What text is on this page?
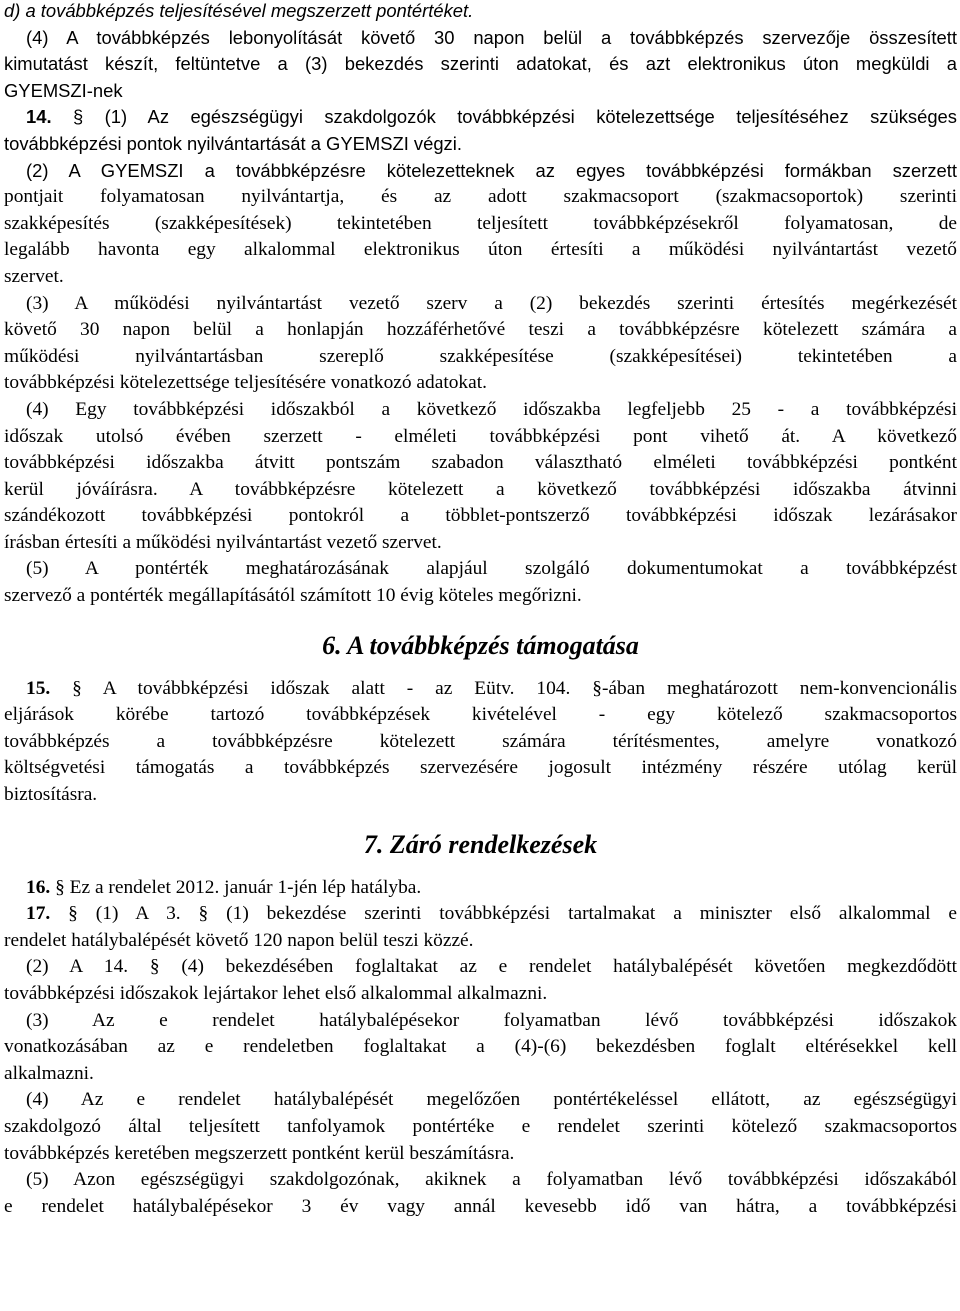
d) a továbbképzés teljesítésével megszerzett pontértéket.
(4) A továbbképzés lebonyolítását követő 30 napon belül a továbbképzés szervezője összesített
kimutatást készít, feltüntetve a (3) bekezdés szerinti adatokat, és azt elektronikus úton megküldi a
GYEMSZI-nek
14. § (1) Az egészségügyi szakdolgozók továbbképzési kötelezettsége teljesítéséhez szükséges
továbbképzési pontok nyilvántartását a GYEMSZI végzi.
(2) A GYEMSZI a továbbképzésre kötelezetteknek az egyes továbbképzési formákban szerzett
pontjait folyamatosan nyilvántartja, és az adott szakmacsoport (szakmacsoportok) szerinti
szakképesítés (szakképesítések) tekintetében teljesített továbbképzésekről folyamatosan, de
legalább havonta egy alkalommal elektronikus úton értesíti a működési nyilvántartást vezető
szervet.
(3) A működési nyilvántartást vezető szerv a (2) bekezdés szerinti értesítés megérkezését
követő 30 napon belül a honlapján hozzáférhetővé teszi a továbbképzésre kötelezett számára a
működési nyilvántartásban szereplő szakképesítése (szakképesítései) tekintetében a
továbbképzési kötelezettsége teljesítésére vonatkozó adatokat.
(4) Egy továbbképzési időszakból a következő időszakba legfeljebb 25 - a továbbképzési
időszak utolsó évében szerzett - elméleti továbbképzési pont vihető át. A következő
továbbképzési időszakba átvitt pontszám szabadon választható elméleti továbbképzési pontként
kerül jóváírásra. A továbbképzésre kötelezett a következő továbbképzési időszakba átvinni
szándékozott továbbképzési pontokról a többlet-pontszerző továbbképzési időszak lezárásakor
írásban értesíti a működési nyilvántartást vezető szervet.
(5) A pontérték meghatározásának alapjául szolgáló dokumentumokat a továbbképzést
szervező a pontérték megállapításától számított 10 évig köteles megőrizni.
6. A továbbképzés támogatása
15. § A továbbképzési időszak alatt - az Eütv. 104. §-ában meghatározott nem-konvencionális
eljárások körébe tartozó továbbképzések kivételével - egy kötelező szakmacsoportos
továbbképzés a továbbképzésre kötelezett számára térítésmentes, amelyre vonatkozó
költségvetési támogatás a továbbképzés szervezésére jogosult intézmény részére utólag kerül
biztosításra.
7. Záró rendelkezések
16. § Ez a rendelet 2012. január 1-jén lép hatályba.
17. § (1) A 3. § (1) bekezdése szerinti továbbképzési tartalmakat a miniszter első alkalommal e
rendelet hatálybalépését követő 120 napon belül teszi közzé.
(2) A 14. § (4) bekezdésében foglaltakat az e rendelet hatálybalépését követően megkezdődött
továbbképzési időszakok lejártakor lehet első alkalommal alkalmazni.
(3) Az e rendelet hatálybalépésekor folyamatban lévő továbbképzési időszakok
vonatkozásában az e rendeletben foglaltakat a (4)-(6) bekezdésben foglalt eltérésekkel kell
alkalmazni.
(4) Az e rendelet hatálybalépését megelőzően pontértékeléssel ellátott, az egészségügyi
szakdolgozó által teljesített tanfolyamok pontértéke e rendelet szerinti kötelező szakmacsoportos
továbbképzés keretében megszerzett pontként kerül beszámításra.
(5) Azon egészségügyi szakdolgozónak, akiknek a folyamatban lévő továbbképzési időszakából
e rendelet hatálybalépésekor 3 év vagy annál kevesebb idő van hátra, a továbbképzési
